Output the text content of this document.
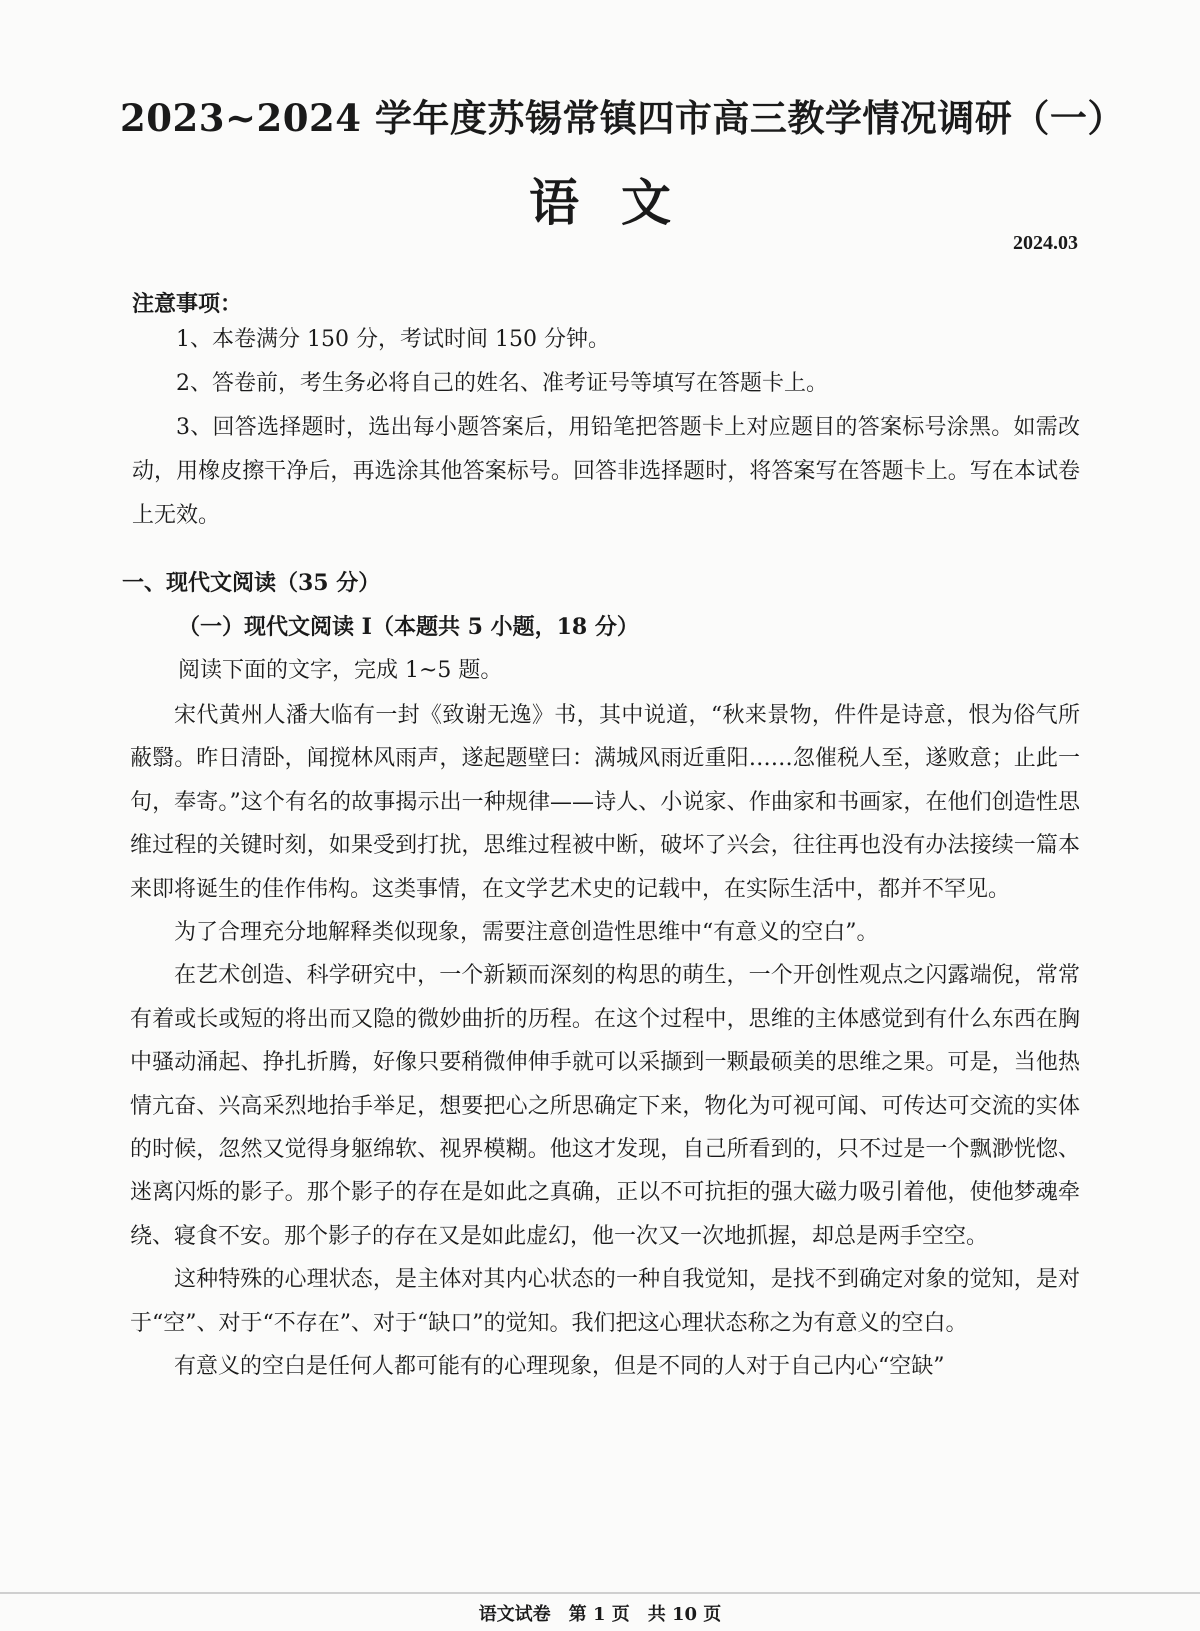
2023~2024 学年度苏锡常镇四市高三教学情况调研（一）
语文
2024.03
注意事项：

1、本卷满分 150 分，考试时间 150 分钟。

2、答卷前，考生务必将自己的姓名、准考证号等填写在答题卡上。

3、回答选择题时，选出每小题答案后，用铅笔把答题卡上对应题目的答案标号涂黑。如需改动，用橡皮擦干净后，再选涂其他答案标号。回答非选择题时，将答案写在答题卡上。写在本试卷上无效。

一、现代文阅读（35 分）
（一）现代文阅读 I（本题共 5 小题，18 分）
阅读下面的文字，完成 1~5 题。

宋代黄州人潘大临有一封《致谢无逸》书，其中说道，“秋来景物，件件是诗意，恨为俗气所蔽翳。昨日清卧，闻搅林风雨声，遂起题壁曰：满城风雨近重阳……忽催税人至，遂败意；止此一句，奉寄。”这个有名的故事揭示出一种规律——诗人、小说家、作曲家和书画家，在他们创造性思维过程的关键时刻，如果受到打扰，思维过程被中断，破坏了兴会，往往再也没有办法接续一篇本来即将诞生的佳作伟构。这类事情，在文学艺术史的记载中，在实际生活中，都并不罕见。

为了合理充分地解释类似现象，需要注意创造性思维中“有意义的空白”。

在艺术创造、科学研究中，一个新颖而深刻的构思的萌生，一个开创性观点之闪露端倪，常常有着或长或短的将出而又隐的微妙曲折的历程。在这个过程中，思维的主体感觉到有什么东西在胸中骚动涌起、挣扎折腾，好像只要稍微伸伸手就可以采撷到一颗最硕美的思维之果。可是，当他热情亢奋、兴高采烈地抬手举足，想要把心之所思确定下来，物化为可视可闻、可传达可交流的实体的时候，忽然又觉得身躯绵软、视界模糊。他这才发现，自己所看到的，只不过是一个飘渺恍惚、迷离闪烁的影子。那个影子的存在是如此之真确，正以不可抗拒的强大磁力吸引着他，使他梦魂牵绕、寝食不安。那个影子的存在又是如此虚幻，他一次又一次地抓握，却总是两手空空。

这种特殊的心理状态，是主体对其内心状态的一种自我觉知，是找不到确定对象的觉知，是对于“空”、对于“不存在”、对于“缺口”的觉知。我们把这心理状态称之为有意义的空白。

有意义的空白是任何人都可能有的心理现象，但是不同的人对于自己内心“空缺”

语文试卷　第 1 页　共 10 页
